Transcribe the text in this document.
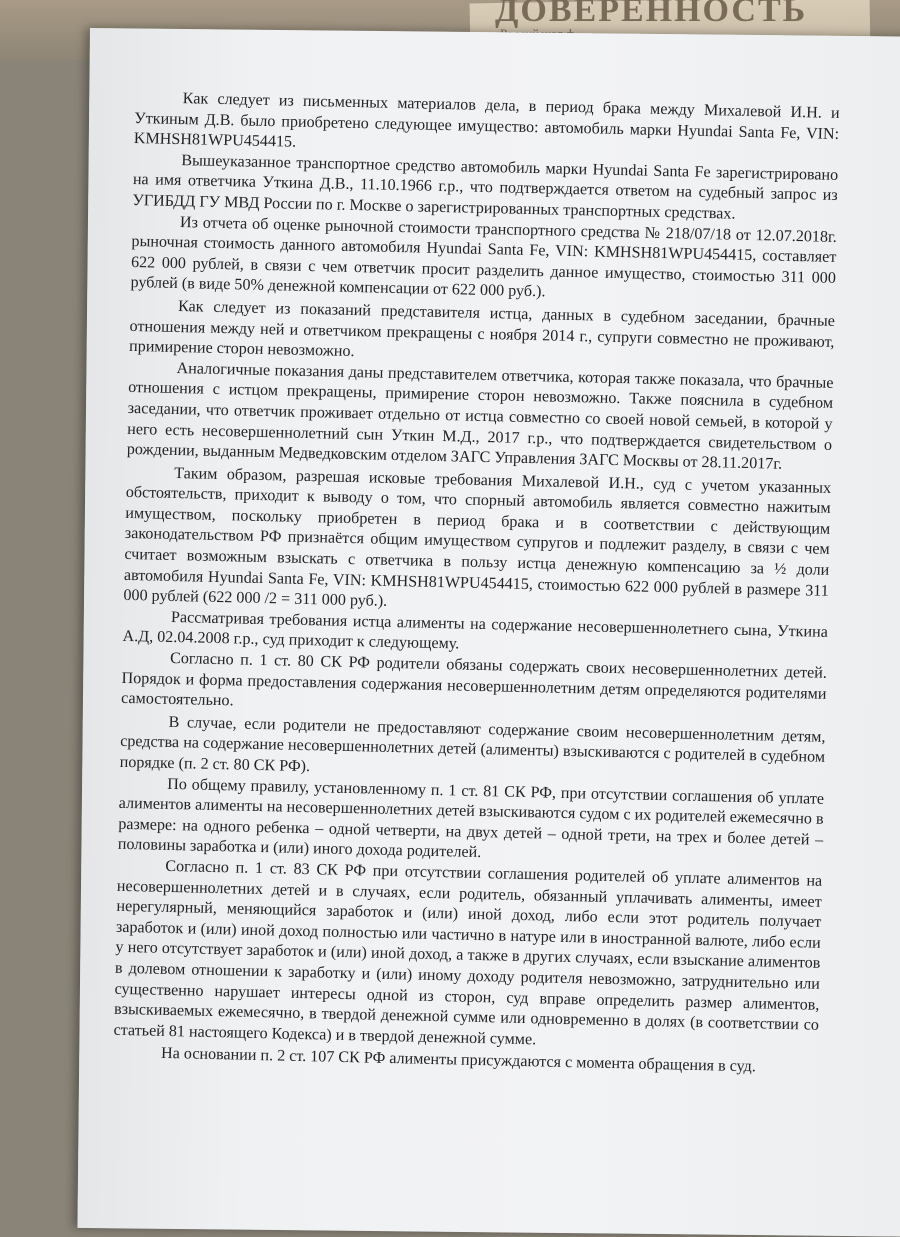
ДОВЕРЕННОСТЬ

Как следует из письменных материалов дела, в период брака между Михалевой И.Н. и Уткиным Д.В. было приобретено следующее имущество: автомобиль марки Hyundai Santa Fe, VIN: KMHSH81WPU454415.

Вышеуказанное транспортное средство автомобиль марки Hyundai Santa Fe зарегистрировано на имя ответчика Уткина Д.В., 11.10.1966 г.р., что подтверждается ответом на судебный запрос из УГИБДД ГУ МВД России по г. Москве о зарегистрированных транспортных средствах.

Из отчета об оценке рыночной стоимости транспортного средства № 218/07/18 от 12.07.2018г. рыночная стоимость данного автомобиля Hyundai Santa Fe, VIN: KMHSH81WPU454415, составляет 622 000 рублей, в связи с чем ответчик просит разделить данное имущество, стоимостью 311 000 рублей (в виде 50% денежной компенсации от 622 000 руб.).

Как следует из показаний представителя истца, данных в судебном заседании, брачные отношения между ней и ответчиком прекращены с ноября 2014 г., супруги совместно не проживают, примирение сторон невозможно.

Аналогичные показания даны представителем ответчика, которая также показала, что брачные отношения с истцом прекращены, примирение сторон невозможно. Также пояснила в судебном заседании, что ответчик проживает отдельно от истца совместно со своей новой семьей, в которой у него есть несовершеннолетний сын Уткин М.Д., 2017 г.р., что подтверждается свидетельством о рождении, выданным Медведковским отделом ЗАГС Управления ЗАГС Москвы от 28.11.2017г.

Таким образом, разрешая исковые требования Михалевой И.Н., суд с учетом указанных обстоятельств, приходит к выводу о том, что спорный автомобиль является совместно нажитым имуществом, поскольку приобретен в период брака и в соответствии с действующим законодательством РФ признаётся общим имуществом супругов и подлежит разделу, в связи с чем считает возможным взыскать с ответчика в пользу истца денежную компенсацию за ½ доли автомобиля Hyundai Santa Fe, VIN: KMHSH81WPU454415, стоимостью 622 000 рублей в размере 311 000 рублей (622 000 /2 = 311 000 руб.).

Рассматривая требования истца алименты на содержание несовершеннолетнего сына, Уткина А.Д, 02.04.2008 г.р., суд приходит к следующему.

Согласно п. 1 ст. 80 СК РФ родители обязаны содержать своих несовершеннолетних детей. Порядок и форма предоставления содержания несовершеннолетним детям определяются родителями самостоятельно.

В случае, если родители не предоставляют содержание своим несовершеннолетним детям, средства на содержание несовершеннолетних детей (алименты) взыскиваются с родителей в судебном порядке (п. 2 ст. 80 СК РФ).

По общему правилу, установленному п. 1 ст. 81 СК РФ, при отсутствии соглашения об уплате алиментов алименты на несовершеннолетних детей взыскиваются судом с их родителей ежемесячно в размере: на одного ребенка – одной четверти, на двух детей – одной трети, на трех и более детей – половины заработка и (или) иного дохода родителей.

Согласно п. 1 ст. 83 СК РФ при отсутствии соглашения родителей об уплате алиментов на несовершеннолетних детей и в случаях, если родитель, обязанный уплачивать алименты, имеет нерегулярный, меняющийся заработок и (или) иной доход, либо если этот родитель получает заработок и (или) иной доход полностью или частично в натуре или в иностранной валюте, либо если у него отсутствует заработок и (или) иной доход, а также в других случаях, если взыскание алиментов в долевом отношении к заработку и (или) иному доходу родителя невозможно, затруднительно или существенно нарушает интересы одной из сторон, суд вправе определить размер алиментов, взыскиваемых ежемесячно, в твердой денежной сумме или одновременно в долях (в соответствии со статьей 81 настоящего Кодекса) и в твердой денежной сумме.

На основании п. 2 ст. 107 СК РФ алименты присуждаются с момента обращения в суд.
